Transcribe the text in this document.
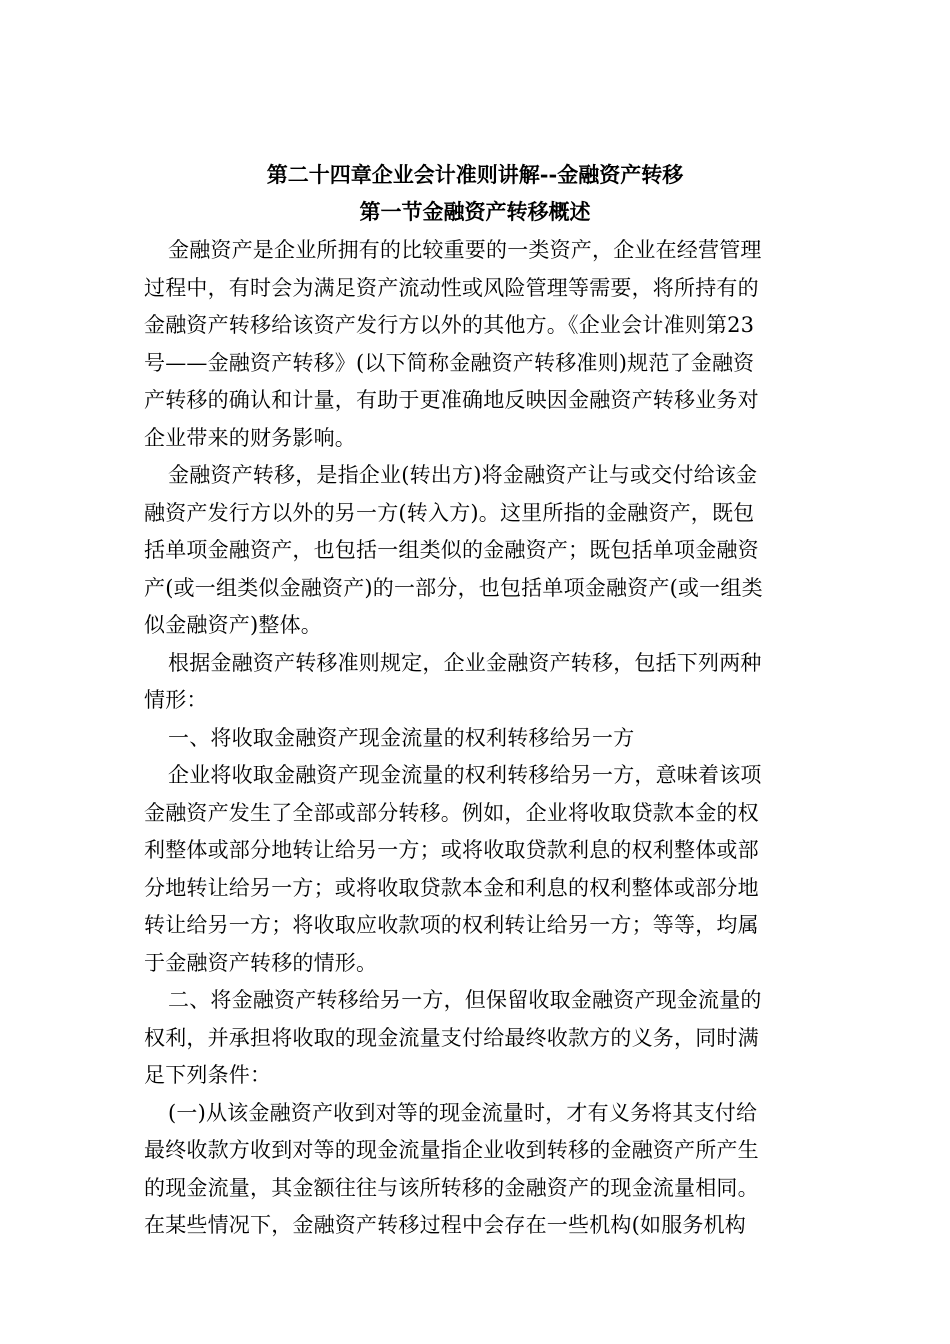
第二十四章企业会计准则讲解--金融资产转移
第一节金融资产转移概述
金融资产是企业所拥有的比较重要的一类资产，企业在经营管理
过程中，有时会为满足资产流动性或风险管理等需要，将所持有的
金融资产转移给该资产发行方以外的其他方。《企业会计准则第23
号——金融资产转移》(以下简称金融资产转移准则)规范了金融资
产转移的确认和计量，有助于更准确地反映因金融资产转移业务对
企业带来的财务影响。
金融资产转移，是指企业(转出方)将金融资产让与或交付给该金
融资产发行方以外的另一方(转入方)。这里所指的金融资产，既包
括单项金融资产，也包括一组类似的金融资产；既包括单项金融资
产(或一组类似金融资产)的一部分，也包括单项金融资产(或一组类
似金融资产)整体。
根据金融资产转移准则规定，企业金融资产转移，包括下列两种
情形：
一、将收取金融资产现金流量的权利转移给另一方
企业将收取金融资产现金流量的权利转移给另一方，意味着该项
金融资产发生了全部或部分转移。例如，企业将收取贷款本金的权
利整体或部分地转让给另一方；或将收取贷款利息的权利整体或部
分地转让给另一方；或将收取贷款本金和利息的权利整体或部分地
转让给另一方；将收取应收款项的权利转让给另一方；等等，均属
于金融资产转移的情形。
二、将金融资产转移给另一方，但保留收取金融资产现金流量的
权利，并承担将收取的现金流量支付给最终收款方的义务，同时满
足下列条件：
(一)从该金融资产收到对等的现金流量时，才有义务将其支付给
最终收款方收到对等的现金流量指企业收到转移的金融资产所产生
的现金流量，其金额往往与该所转移的金融资产的现金流量相同。
在某些情况下，金融资产转移过程中会存在一些机构(如服务机构
